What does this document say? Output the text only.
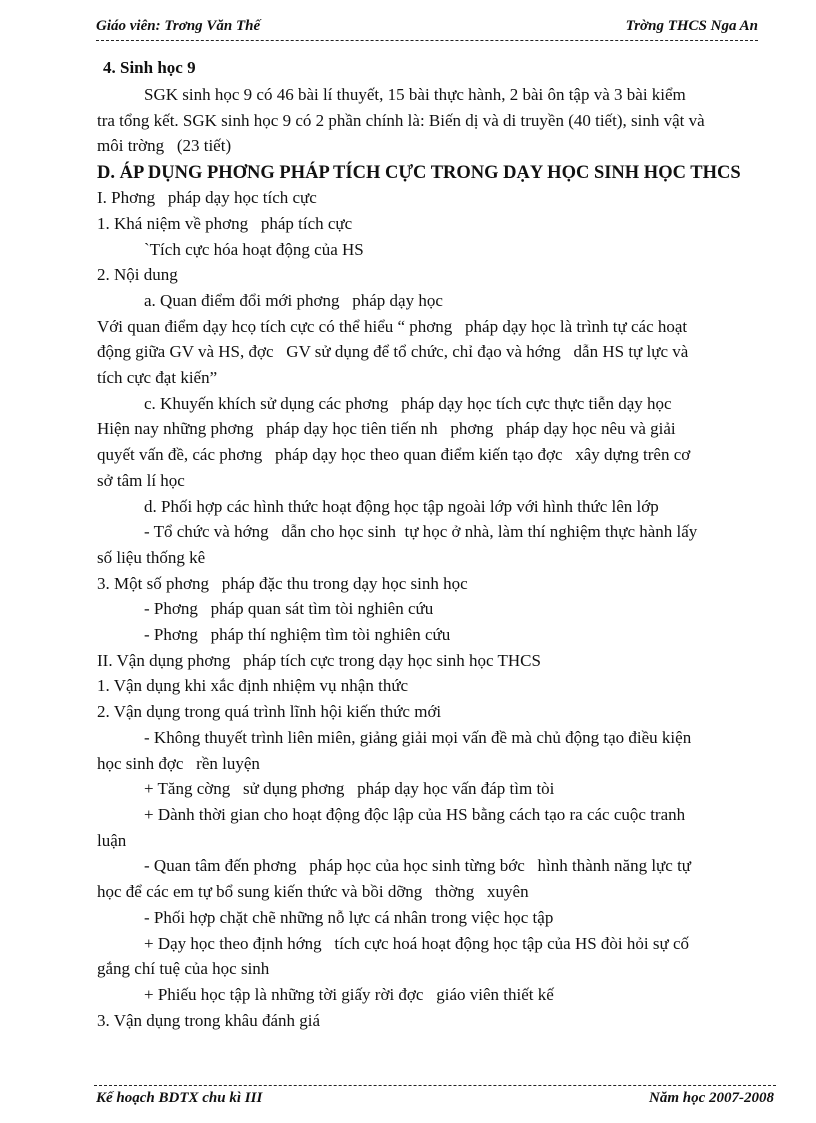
Giáo viên: Trơng Văn Thế	Trờng THCS Nga An
4. Sinh học 9
SGK sinh học 9 có 46 bài lí thuyết, 15 bài thực hành, 2 bài ôn tập và 3 bài kiểm
tra tổng kết. SGK sinh học 9 có 2 phần chính là: Biến dị và di truyền (40 tiết), sinh vật và
môi trờng   (23 tiết)
D. ÁP DỤNG PHƠNG PHÁP TÍCH CỰC TRONG DẠY HỌC SINH HỌC THCS
I. Phơng   pháp dạy học tích cực
1. Khá niệm về phơng   pháp tích cực
`Tích cực hóa hoạt động của HS
2. Nội dung
a. Quan điểm đổi mới phơng   pháp dạy học
Với quan điểm dạy hcọ tích cực có thể hiểu “ phơng   pháp dạy học là trình tự các hoạt
động giữa GV và HS, đợc   GV sử dụng để tổ chức, chỉ đạo và hớng   dẫn HS tự lực và
tích cực đạt kiến”
c. Khuyến khích sử dụng các phơng   pháp dạy học tích cực thực tiễn dạy học
Hiện nay những phơng   pháp dạy học tiên tiến nh   phơng   pháp dạy học nêu và giải
quyết vấn đề, các phơng   pháp dạy học theo quan điểm kiến tạo đợc   xây dựng trên cơ
sở tâm lí học
d. Phối hợp các hình thức hoạt động học tập ngoài lớp với hình thức lên lớp
- Tổ chức và hớng   dẫn cho học sinh  tự học ở nhà, làm thí nghiệm thực hành lấy
số liệu thống kê
3. Một số phơng   pháp đặc thu trong dạy học sinh học
- Phơng   pháp quan sát tìm tòi nghiên cứu
- Phơng   pháp thí nghiệm tìm tòi nghiên cứu
II. Vận dụng phơng   pháp tích cực trong dạy học sinh học THCS
1. Vận dụng khi xắc định nhiệm vụ nhận thức
2. Vận dụng trong quá trình lĩnh hội kiến thức mới
- Không thuyết trình liên miên, giảng giải mọi vấn đề mà chủ động tạo điều kiện
học sinh đợc   rền luyện
+ Tăng cờng   sử dụng phơng   pháp dạy học vấn đáp tìm tòi
+ Dành thời gian cho hoạt động độc lập của HS bằng cách tạo ra các cuộc tranh
luận
- Quan tâm đến phơng   pháp học của học sinh từng bớc   hình thành năng lực tự
học để các em tự bổ sung kiến thức và bồi dỡng   thờng   xuyên
- Phối hợp chặt chẽ những nỗ lực cá nhân trong việc học tập
+ Dạy học theo định hớng   tích cực hoá hoạt động học tập của HS đòi hỏi sự cố
gắng chí tuệ của học sinh
+ Phiếu học tập là những tời giấy rời đợc   giáo viên thiết kế
3. Vận dụng trong khâu đánh giá
Kế hoạch BDTX chu kì III	Năm học 2007-2008
